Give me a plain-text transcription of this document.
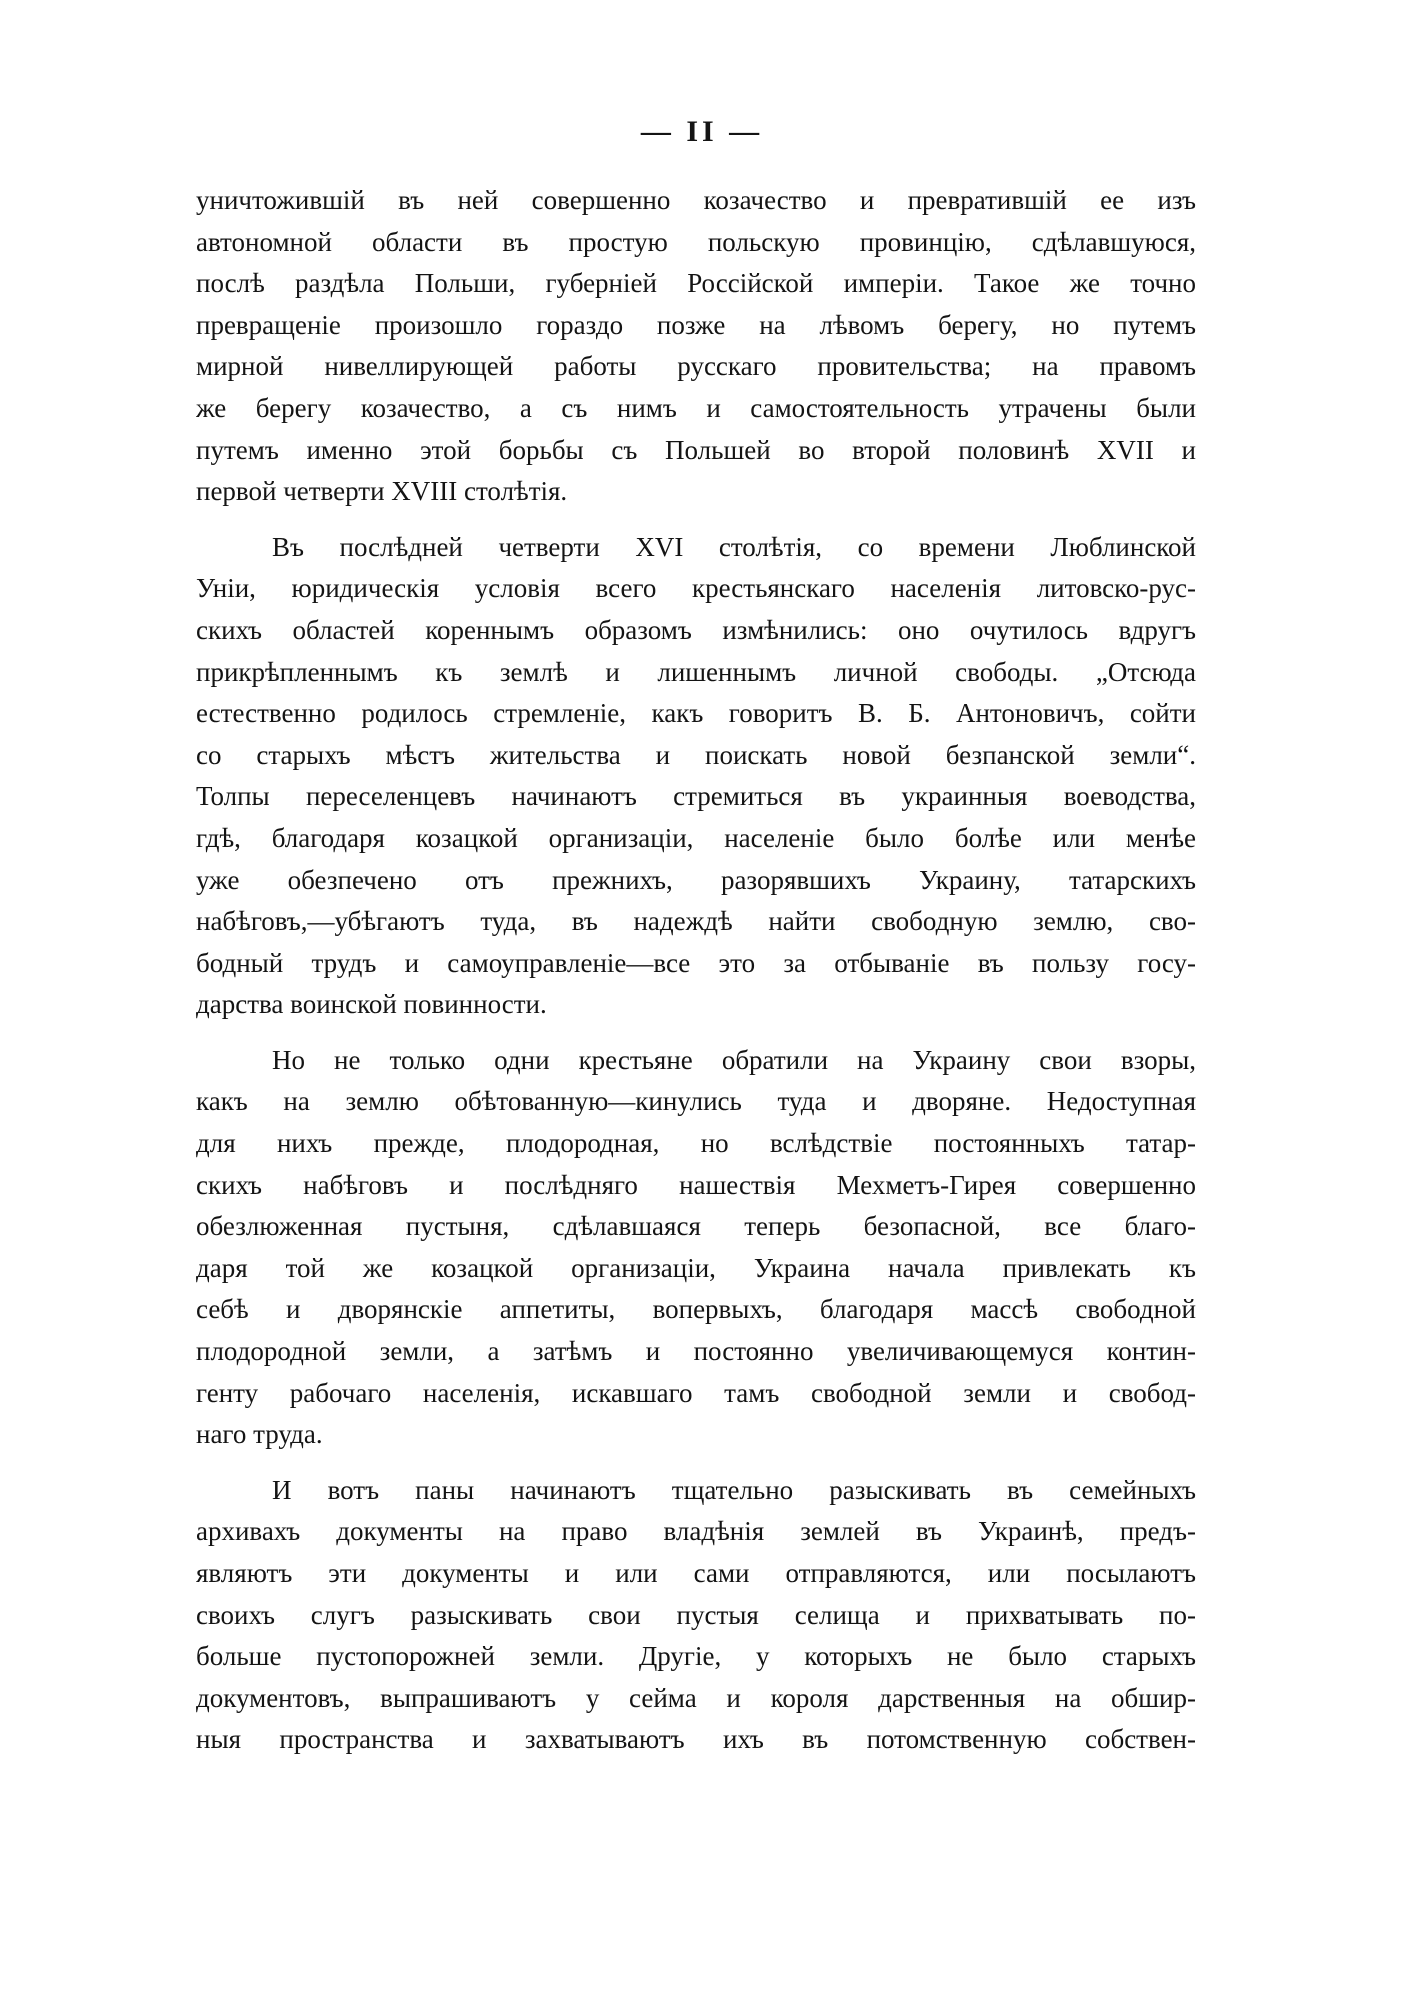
— II —
уничтожившій въ ней совершенно козачество и превратившій ее изъ
автономной области въ простую польскую провинцію, сдѣлавшуюся,
послѣ раздѣла Польши, губерніей Россійской имперіи. Такое же точно
превращеніе произошло гораздо позже на лѣвомъ берегу, но путемъ
мирной нивеллирующей работы русскаго провительства; на правомъ
же берегу козачество, а съ нимъ и самостоятельность утрачены были
путемъ именно этой борьбы съ Польшей во второй половинѣ XVII и
первой четверти XVIII столѣтія.
Въ послѣдней четверти XVI столѣтія, со времени Люблинской
Уніи, юридическія условія всего крестьянскаго населенія литовско-рус-
скихъ областей кореннымъ образомъ измѣнились: оно очутилось вдругъ
прикрѣпленнымъ къ землѣ и лишеннымъ личной свободы. „Отсюда
естественно родилось стремленіе, какъ говоритъ В. Б. Антоновичъ, сойти
со старыхъ мѣстъ жительства и поискать новой безпанской земли“.
Толпы переселенцевъ начинаютъ стремиться въ украинныя воеводства,
гдѣ, благодаря козацкой организаціи, населеніе было болѣе или менѣе
уже обезпечено отъ прежнихъ, разорявшихъ Украину, татарскихъ
набѣговъ,—убѣгаютъ туда, въ надеждѣ найти свободную землю, сво-
бодный трудъ и самоуправленіе—все это за отбываніе въ пользу госу-
дарства воинской повинности.
Но не только одни крестьяне обратили на Украину свои взоры,
какъ на землю обѣтованную—кинулись туда и дворяне. Недоступная
для нихъ прежде, плодородная, но вслѣдствіе постоянныхъ татар-
скихъ набѣговъ и послѣдняго нашествія Мехметъ-Гирея совершенно
обезлюженная пустыня, сдѣлавшаяся теперь безопасной, все благо-
даря той же козацкой организаціи, Украина начала привлекать къ
себѣ и дворянскіе аппетиты, вопервыхъ, благодаря массѣ свободной
плодородной земли, а затѣмъ и постоянно увеличивающемуся контин-
генту рабочаго населенія, искавшаго тамъ свободной земли и свобод-
наго труда.
И вотъ паны начинаютъ тщательно разыскивать въ семейныхъ
архивахъ документы на право владѣнія землей въ Украинѣ, предъ-
являютъ эти документы и или сами отправляются, или посылаютъ
своихъ слугъ разыскивать свои пустыя селища и прихватывать по-
больше пустопорожней земли. Другіе, у которыхъ не было старыхъ
документовъ, выпрашиваютъ у сейма и короля дарственныя на обшир-
ныя пространства и захватываютъ ихъ въ потомственную собствен-
